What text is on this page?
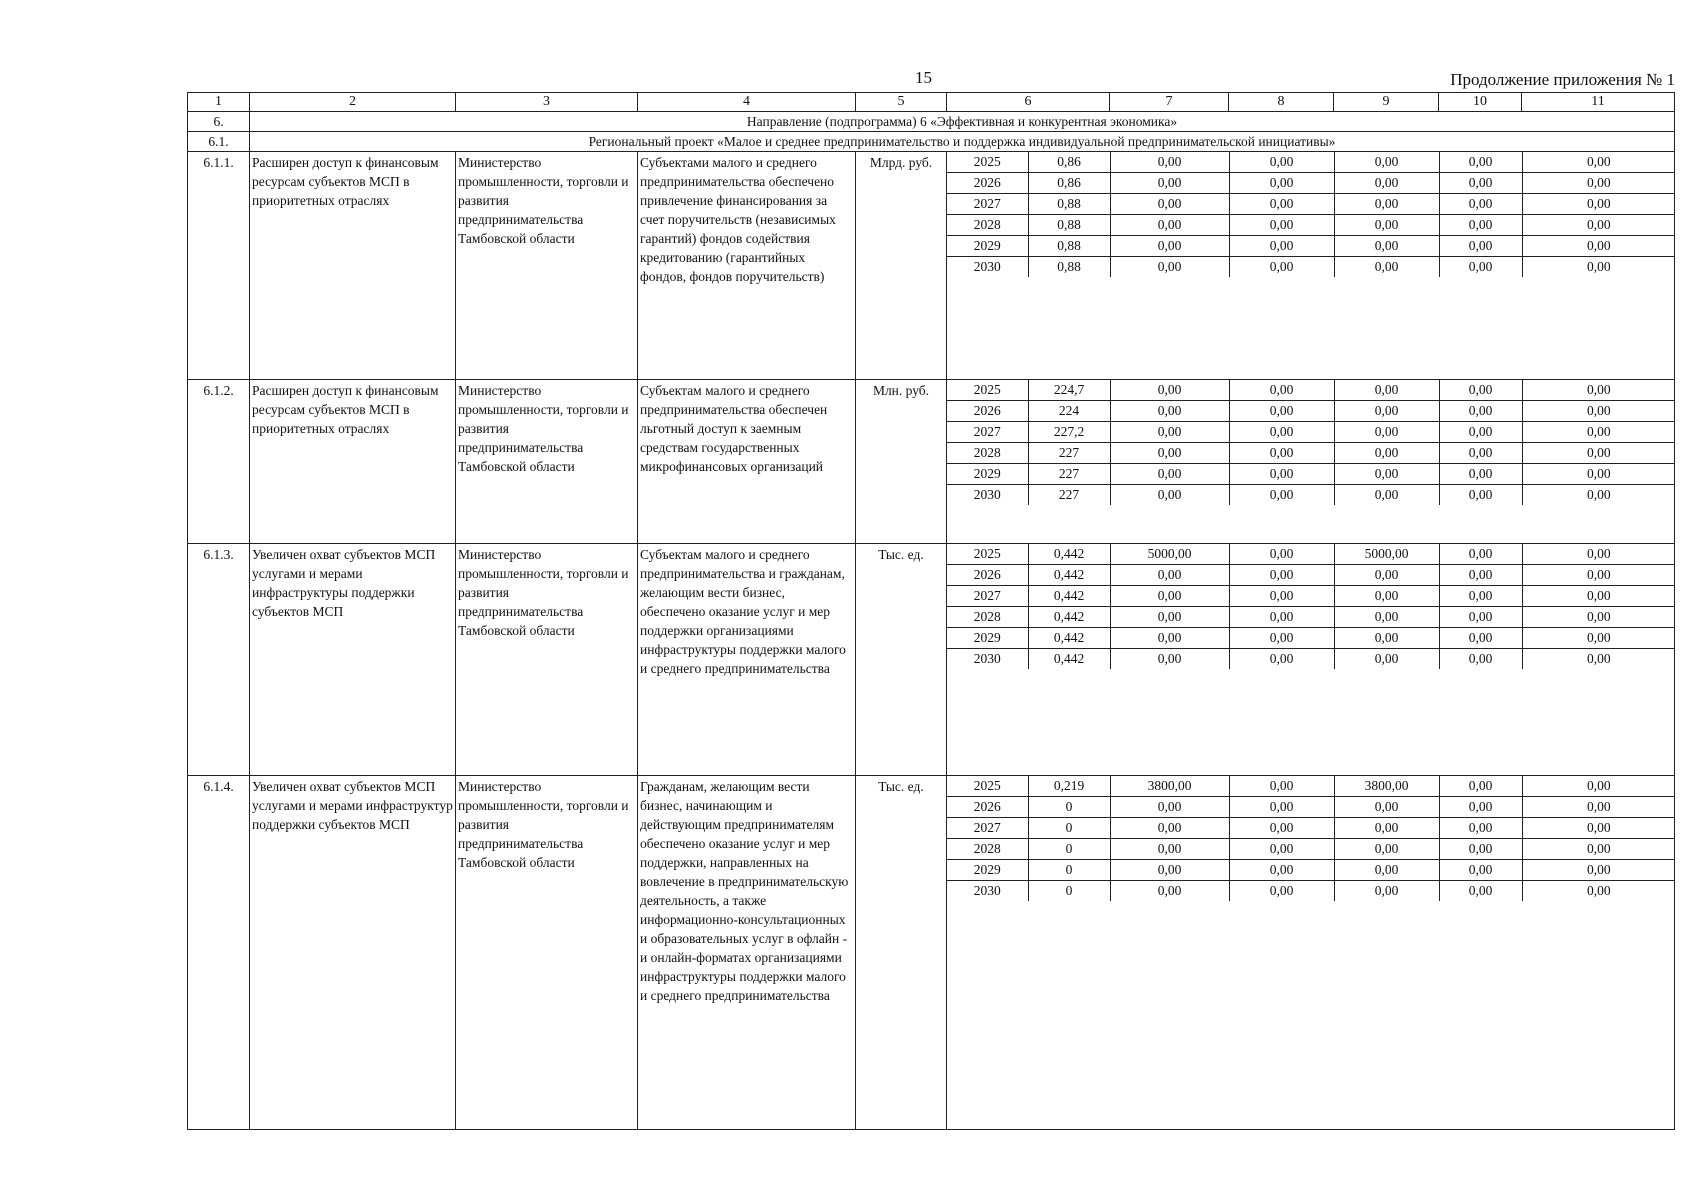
15	Продолжение приложения № 1
1	2	3	4	5	6	7	8	9	10	11
6.	Направление (подпрограмма) 6 «Эффективная и конкурентная экономика»
6.1.	Региональный проект «Малое и среднее предпринимательство и поддержка индивидуальной предпринимательской инициативы»
6.1.1.	Расширен доступ к финансовым ресурсам субъектов МСП в приоритетных отраслях	Министерство промышленности, торговли и развития предпринимательства Тамбовской области	Субъектами малого и среднего предпринимательства обеспечено привлечение финансирования за счет поручительств (независимых гарантий) фондов содействия кредитованию (гарантийных фондов, фондов поручительств)	Млрд. руб.		2025	0,86	0,00	0,00	0,00	0,00	0,00
2026	0,86	0,00	0,00	0,00	0,00	0,00
2027	0,88	0,00	0,00	0,00	0,00	0,00
2028	0,88	0,00	0,00	0,00	0,00	0,00
2029	0,88	0,00	0,00	0,00	0,00	0,00
2030	0,88	0,00	0,00	0,00	0,00	0,00

6.1.2.	Расширен доступ к финансовым ресурсам субъектов МСП в приоритетных отраслях	Министерство промышленности, торговли и развития предпринимательства Тамбовской области	Субъектам малого и среднего предпринимательства обеспечен льготный доступ к заемным средствам государственных микрофинансовых организаций	Млн. руб.		2025	224,7	0,00	0,00	0,00	0,00	0,00
2026	224	0,00	0,00	0,00	0,00	0,00
2027	227,2	0,00	0,00	0,00	0,00	0,00
2028	227	0,00	0,00	0,00	0,00	0,00
2029	227	0,00	0,00	0,00	0,00	0,00
2030	227	0,00	0,00	0,00	0,00	0,00

6.1.3.	Увеличен охват субъектов МСП услугами и мерами инфраструктуры поддержки субъектов МСП	Министерство промышленности, торговли и развития предпринимательства Тамбовской области	Субъектам малого и среднего предпринимательства и гражданам, желающим вести бизнес, обеспечено оказание услуг и мер поддержки организациями инфраструктуры поддержки малого и среднего предпринимательства	Тыс. ед.		2025	0,442	5000,00	0,00	5000,00	0,00	0,00
2026	0,442	0,00	0,00	0,00	0,00	0,00
2027	0,442	0,00	0,00	0,00	0,00	0,00
2028	0,442	0,00	0,00	0,00	0,00	0,00
2029	0,442	0,00	0,00	0,00	0,00	0,00
2030	0,442	0,00	0,00	0,00	0,00	0,00

6.1.4.	Увеличен охват субъектов МСП услугами и мерами инфраструктур поддержки субъектов МСП	Министерство промышленности, торговли и развития предпринимательства Тамбовской области	Гражданам, желающим вести бизнес, начинающим и действующим предпринимателям обеспечено оказание услуг и мер поддержки, направленных на вовлечение в предпринимательскую деятельность, а также информационно-консультационных и образовательных услуг в офлайн - и онлайн-форматах организациями инфраструктуры поддержки малого и среднего предпринимательства	Тыс. ед.		2025	0,219	3800,00	0,00	3800,00	0,00	0,00
2026	0	0,00	0,00	0,00	0,00	0,00
2027	0	0,00	0,00	0,00	0,00	0,00
2028	0	0,00	0,00	0,00	0,00	0,00
2029	0	0,00	0,00	0,00	0,00	0,00
2030	0	0,00	0,00	0,00	0,00	0,00
